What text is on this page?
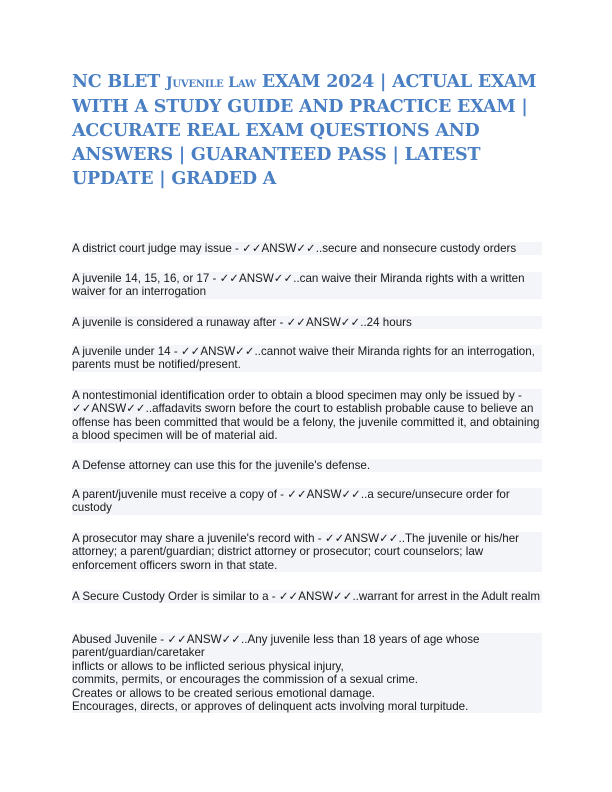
NC BLET Juvenile Law EXAM 2024 | ACTUAL EXAM WITH A STUDY GUIDE AND PRACTICE EXAM | ACCURATE REAL EXAM QUESTIONS AND ANSWERS | GUARANTEED PASS | LATEST UPDATE | GRADED A

A district court judge may issue - ✓✓ANSW✓✓..secure and nonsecure custody orders

A juvenile 14, 15, 16, or 17 - ✓✓ANSW✓✓..can waive their Miranda rights with a written waiver for an interrogation

A juvenile is considered a runaway after - ✓✓ANSW✓✓..24 hours

A juvenile under 14 - ✓✓ANSW✓✓..cannot waive their Miranda rights for an interrogation, parents must be notified/present.

A nontestimonial identification order to obtain a blood specimen may only be issued by - ✓✓ANSW✓✓..affadavits sworn before the court to establish probable cause to believe an offense has been committed that would be a felony, the juvenile committed it, and obtaining a blood specimen will be of material aid.

A Defense attorney can use this for the juvenile's defense.

A parent/juvenile must receive a copy of - ✓✓ANSW✓✓..a secure/unsecure order for custody

A prosecutor may share a juvenile's record with - ✓✓ANSW✓✓..The juvenile or his/her attorney; a parent/guardian; district attorney or prosecutor; court counselors; law enforcement officers sworn in that state.

A Secure Custody Order is similar to a - ✓✓ANSW✓✓..warrant for arrest in the Adult realm

Abused Juvenile - ✓✓ANSW✓✓..Any juvenile less than 18 years of age whose parent/guardian/caretaker
inflicts or allows to be inflicted serious physical injury,
commits, permits, or encourages the commission of a sexual crime.
Creates or allows to be created serious emotional damage.
Encourages, directs, or approves of delinquent acts involving moral turpitude.
